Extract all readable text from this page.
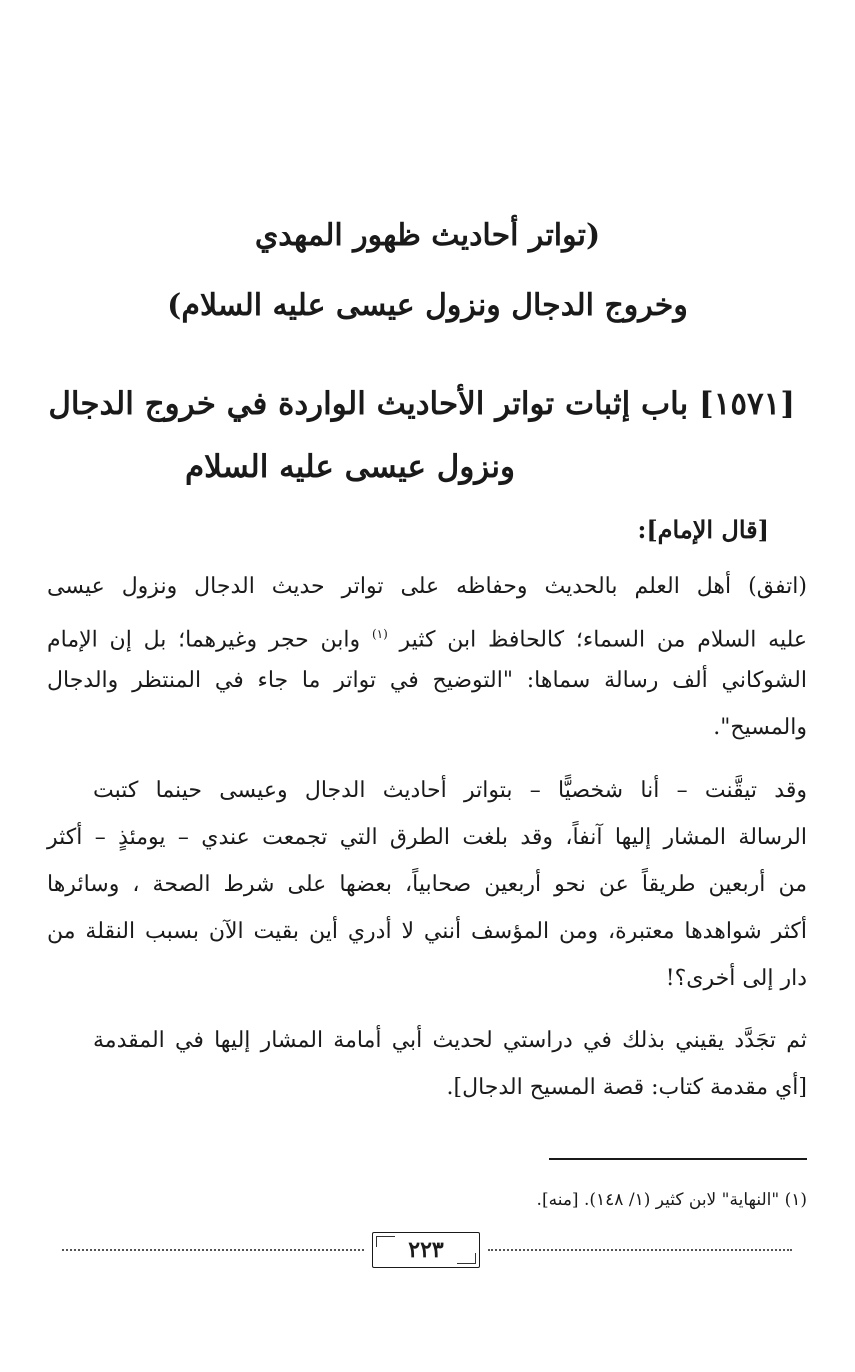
(تواتر أحاديث ظهور المهدي
وخروج الدجال ونزول عيسى عليه السلام)
[١٥٧١] باب إثبات تواتر الأحاديث الواردة في خروج الدجال
ونزول عيسى عليه السلام
[قال الإمام]:
(اتفق) أهل العلم بالحديث وحفاظه على تواتر حديث الدجال ونزول عيسى
عليه السلام من السماء؛ كالحافظ ابن كثير $^{(١)}$ وابن حجر وغيرهما؛ بل إن الإمام
الشوكاني ألف رسالة سماها: "التوضيح في تواتر ما جاء في المنتظر والدجال
والمسيح".
وقد تيقَّنت – أنا شخصيًّا – بتواتر أحاديث الدجال وعيسى حينما كتبت
الرسالة المشار إليها آنفاً، وقد بلغت الطرق التي تجمعت عندي – يومئذٍ – أكثر
من أربعين طريقاً عن نحو أربعين صحابياً، بعضها على شرط الصحة ، وسائرها
أكثر شواهدها معتبرة، ومن المؤسف أنني لا أدري أين بقيت الآن بسبب النقلة من
دار إلى أخرى؟!
ثم تجَدَّد يقيني بذلك في دراستي لحديث أبي أمامة المشار إليها في المقدمة
[أي مقدمة كتاب: قصة المسيح الدجال].
(١) "النهاية" لابن كثير (١/ ١٤٨). [منه].
٢٢٣
